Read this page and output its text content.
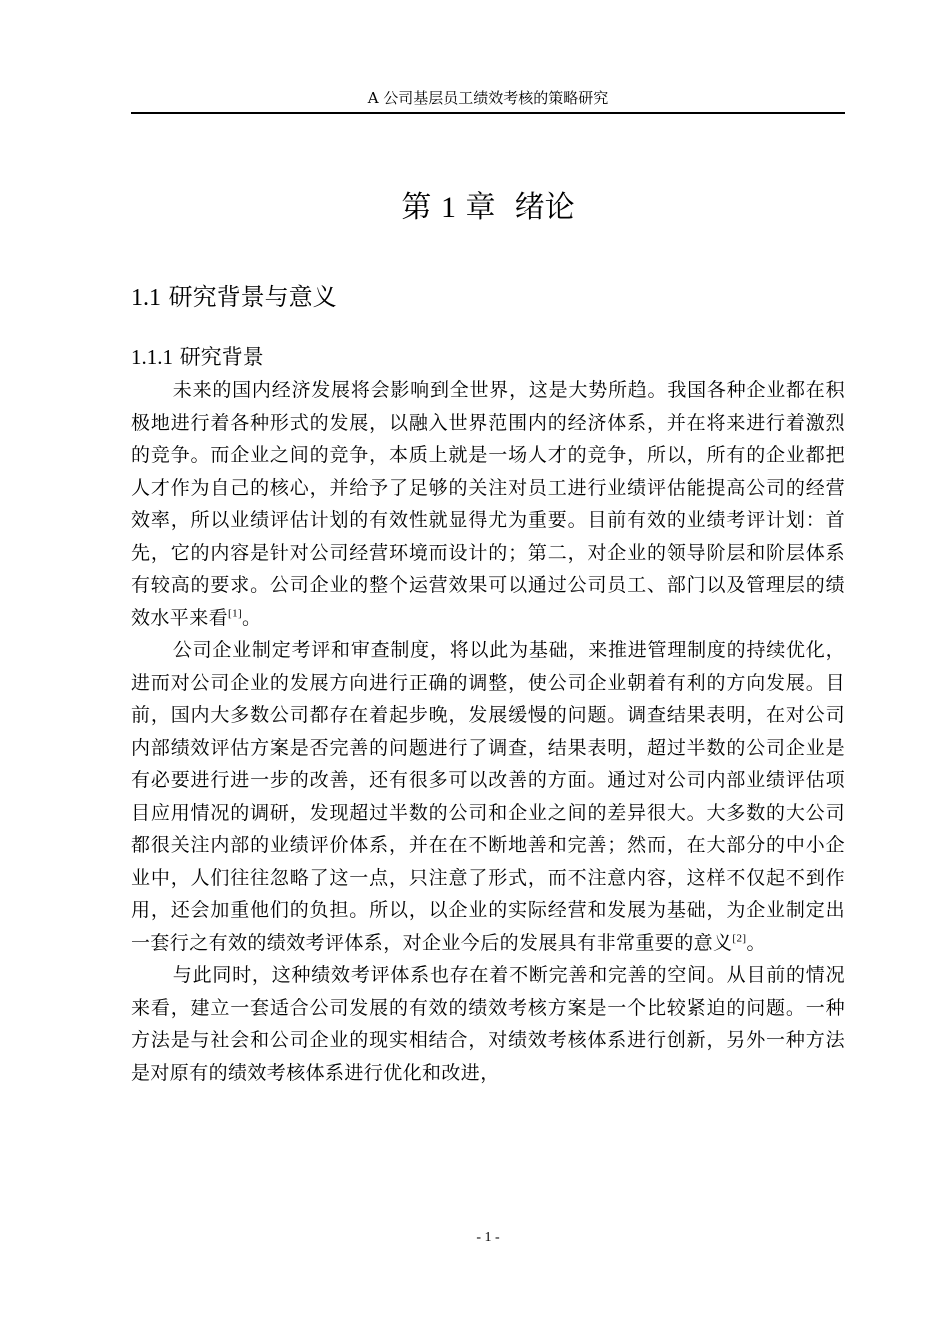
A 公司基层员工绩效考核的策略研究
第 1 章 绪论
1.1 研究背景与意义
1.1.1 研究背景

未来的国内经济发展将会影响到全世界，这是大势所趋。我国各种企业都在积极地进行着各种形式的发展，以融入世界范围内的经济体系，并在将来进行着激烈的竞争。而企业之间的竞争，本质上就是一场人才的竞争，所以，所有的企业都把人才作为自己的核心，并给予了足够的关注对员工进行业绩评估能提高公司的经营效率，所以业绩评估计划的有效性就显得尤为重要。目前有效的业绩考评计划：首先，它的内容是针对公司经营环境而设计的；第二，对企业的领导阶层和阶层体系有较高的要求。公司企业的整个运营效果可以通过公司员工、部门以及管理层的绩效水平来看[1]。

公司企业制定考评和审查制度，将以此为基础，来推进管理制度的持续优化，进而对公司企业的发展方向进行正确的调整，使公司企业朝着有利的方向发展。目前，国内大多数公司都存在着起步晚，发展缓慢的问题。调查结果表明，在对公司内部绩效评估方案是否完善的问题进行了调查，结果表明，超过半数的公司企业是有必要进行进一步的改善，还有很多可以改善的方面。通过对公司内部业绩评估项目应用情况的调研，发现超过半数的公司和企业之间的差异很大。大多数的大公司都很关注内部的业绩评价体系，并在在不断地善和完善；然而，在大部分的中小企业中，人们往往忽略了这一点，只注意了形式，而不注意内容，这样不仅起不到作用，还会加重他们的负担。所以，以企业的实际经营和发展为基础，为企业制定出一套行之有效的绩效考评体系，对企业今后的发展具有非常重要的意义[2]。

与此同时，这种绩效考评体系也存在着不断完善和完善的空间。从目前的情况来看，建立一套适合公司发展的有效的绩效考核方案是一个比较紧迫的问题。一种方法是与社会和公司企业的现实相结合，对绩效考核体系进行创新，另外一种方法是对原有的绩效考核体系进行优化和改进，

- 1 -
